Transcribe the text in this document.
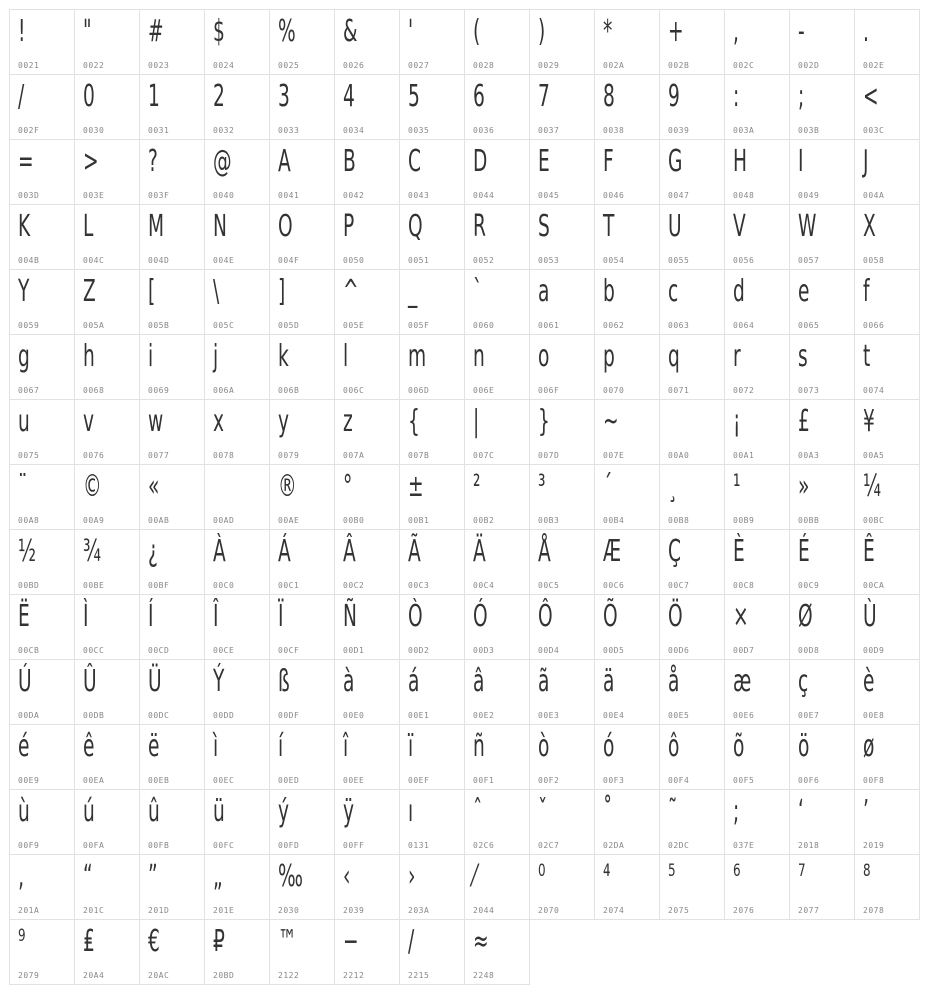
!
0021
"
0022
#
0023
$
0024
%
0025
&
0026
'
0027
(
0028
)
0029
*
002A
+
002B
,
002C
-
002D
.
002E
/
002F
0
0030
1
0031
2
0032
3
0033
4
0034
5
0035
6
0036
7
0037
8
0038
9
0039
:
003A
;
003B
<
003C
=
003D
>
003E
?
003F
@
0040
A
0041
B
0042
C
0043
D
0044
E
0045
F
0046
G
0047
H
0048
I
0049
J
004A
K
004B
L
004C
M
004D
N
004E
O
004F
P
0050
Q
0051
R
0052
S
0053
T
0054
U
0055
V
0056
W
0057
X
0058
Y
0059
Z
005A
[
005B
\
005C
]
005D
^
005E
_
005F
`
0060
a
0061
b
0062
c
0063
d
0064
e
0065
f
0066
g
0067
h
0068
i
0069
j
006A
k
006B
l
006C
m
006D
n
006E
o
006F
p
0070
q
0071
r
0072
s
0073
t
0074
u
0075
v
0076
w
0077
x
0078
y
0079
z
007A
{
007B
|
007C
}
007D
~
007E
	00A0
¡
00A1
£
00A3
¥
00A5
¨
00A8
©
00A9
«
00AB	00AD
®
00AE
°
00B0
±
00B1
²
00B2
³
00B3
´
00B4
¸
00B8
¹
00B9
»
00BB
¼
00BC
½
00BD
¾
00BE
¿
00BF
À
00C0
Á
00C1
Â
00C2
Ã
00C3
Ä
00C4
Å
00C5
Æ
00C6
Ç
00C7
È
00C8
É
00C9
Ê
00CA
Ë
00CB
Ì
00CC
Í
00CD
Î
00CE
Ï
00CF
Ñ
00D1
Ò
00D2
Ó
00D3
Ô
00D4
Õ
00D5
Ö
00D6
×
00D7
Ø
00D8
Ù
00D9
Ú
00DA
Û
00DB
Ü
00DC
Ý
00DD
ß
00DF
à
00E0
á
00E1
â
00E2
ã
00E3
ä
00E4
å
00E5
æ
00E6
ç
00E7
è
00E8
é
00E9
ê
00EA
ë
00EB
ì
00EC
í
00ED
î
00EE
ï
00EF
ñ
00F1
ò
00F2
ó
00F3
ô
00F4
õ
00F5
ö
00F6
ø
00F8
ù
00F9
ú
00FA
û
00FB
ü
00FC
ý
00FD
ÿ
00FF
ı
0131
ˆ
02C6
ˇ
02C7
˚
02DA
˜
02DC
;
037E
‘
2018
’
2019
‚
201A
“
201C
”
201D
„
201E
‰
2030
‹
2039
›
203A
⁄
2044
⁰
2070
⁴
2074
⁵
2075
⁶
2076
⁷
2077
⁸
2078
⁹
2079
₤
20A4
€
20AC
₽
20BD
™
2122
−
2212
∕
2215
≈
2248
